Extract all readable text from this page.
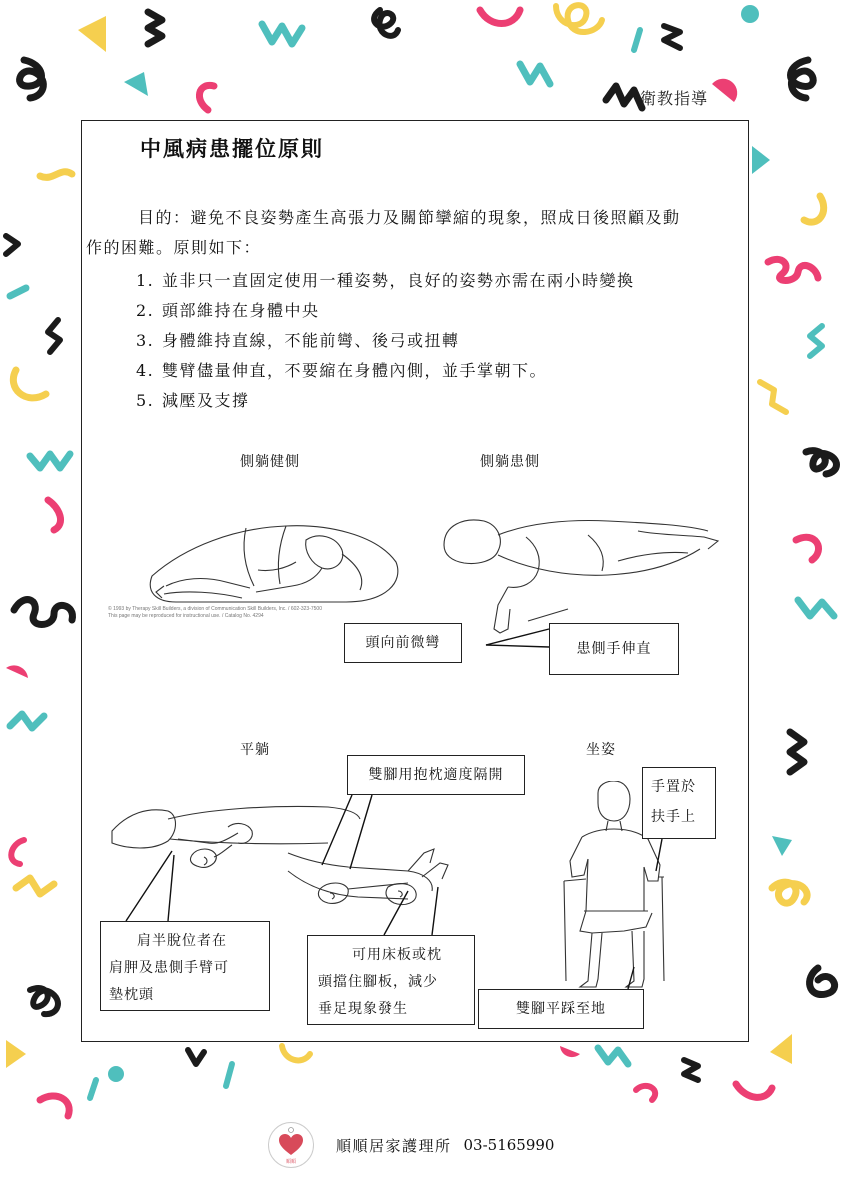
衛教指導
中風病患擺位原則
目的：避免不良姿勢產生高張力及關節攣縮的現象，照成日後照顧及動
作的困難。原則如下：
1. 並非只一直固定使用一種姿勢，良好的姿勢亦需在兩小時變換
2. 頭部維持在身體中央
3. 身體維持直線，不能前彎、後弓或扭轉
4. 雙臂儘量伸直，不要縮在身體內側，並手掌朝下。
5. 減壓及支撐
側躺健側	側躺患側
平躺	坐姿
© 1993 by Therapy Skill Builders, a division of Communication Skill Builders, Inc. / 602-323-7500
This page may be reproduced for instructional use. / Catalog No. 4294
頭向前微彎	患側手伸直
雙腳用抱枕適度隔開
手置於
扶手上
肩半脫位者在
肩胛及患側手臂可
墊枕頭
可用床板或枕
頭擋住腳板，減少
垂足現象發生	雙腳平踩至地
順順
順順居家護理所 03-5165990
